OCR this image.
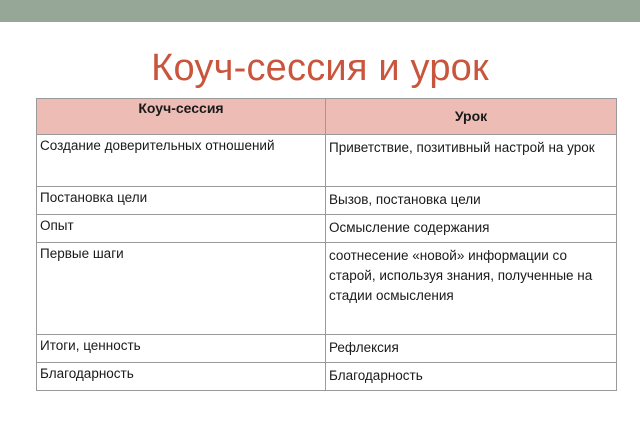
Коуч-сессия и урок
Коуч-сессия	Урок
Создание доверительных отношений	Приветствие, позитивный настрой на урок
Постановка цели	Вызов, постановка цели
Опыт	Осмысление содержания
Первые шаги	соотнесение «новой» информации со старой, используя знания, полученные на стадии осмысления
Итоги, ценность	Рефлексия
Благодарность	Благодарность
